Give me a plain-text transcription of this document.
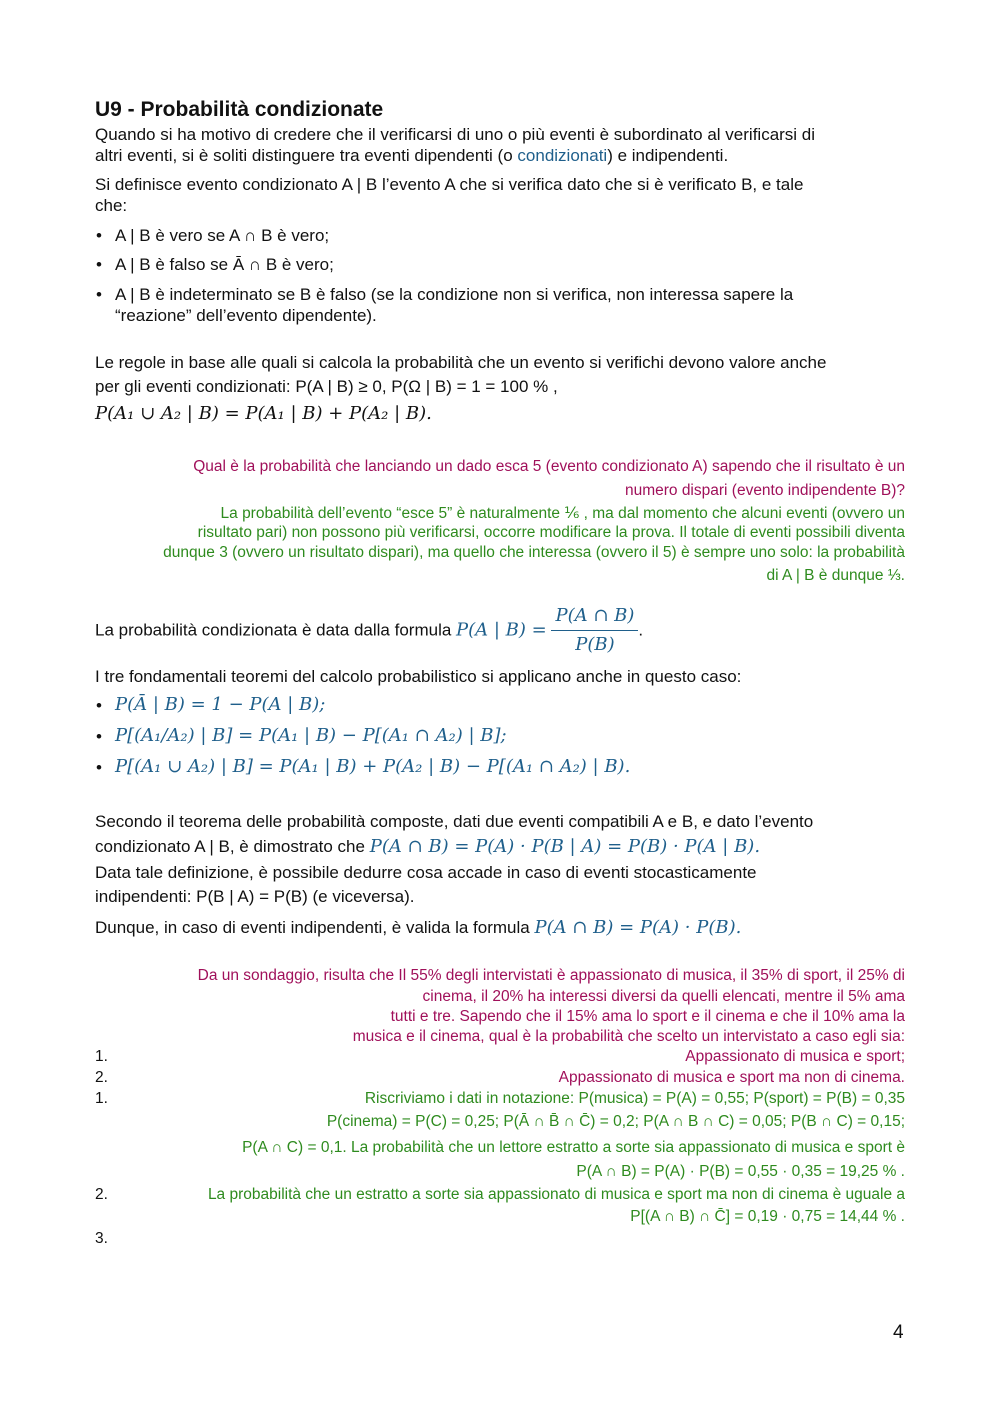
U9 - Probabilità condizionate
Quando si ha motivo di credere che il verificarsi di uno o più eventi è subordinato al verificarsi di
altri eventi, si è soliti distinguere tra eventi dipendenti (o condizionati) e indipendenti.
Si definisce evento condizionato A | B l’evento A che si verifica dato che si è verificato B, e tale
che:
• A | B è vero se A ∩ B è vero;
• A | B è falso se Ā ∩ B è vero;
• A | B è indeterminato se B è falso (se la condizione non si verifica, non interessa sapere la
“reazione” dell’evento dipendente).
Le regole in base alle quali si calcola la probabilità che un evento si verifichi devono valore anche
per gli eventi condizionati: P(A | B) ≥ 0, P(Ω | B) = 1 = 100 % ,
P(A₁ ∪ A₂ | B) = P(A₁ | B) + P(A₂ | B).
Qual è la probabilità che lanciando un dado esca 5 (evento condizionato A) sapendo che il risultato è un
numero dispari (evento indipendente B)?
La probabilità dell’evento “esce 5” è naturalmente ⅙ , ma dal momento che alcuni eventi (ovvero un
risultato pari) non possono più verificarsi, occorre modificare la prova. Il totale di eventi possibili diventa
dunque 3 (ovvero un risultato dispari), ma quello che interessa (ovvero il 5) è sempre uno solo: la probabilità
di A | B è dunque ⅓.
La probabilità condizionata è data dalla formula P(A | $B) = \frac{P(A \cap B)}{P(B)}$ .
I tre fondamentali teoremi del calcolo probabilistico si applicano anche in questo caso:
• P(Ā | B) = 1 − P(A | B);
• P[(A₁/A₂) | B] = P(A₁ | B) − P[(A₁ ∩ A₂) | B];
• P[(A₁ ∪ A₂) | B] = P(A₁ | B) + P(A₂ | B) − P[(A₁ ∩ A₂) | B).
Secondo il teorema delle probabilità composte, dati due eventi compatibili A e B, e dato l’evento
condizionato A | B, è dimostrato che P(A ∩ B) = P(A) · P(B | A) = P(B) · P(A | B).
Data tale definizione, è possibile dedurre cosa accade in caso di eventi stocasticamente
indipendenti: P(B | A) = P(B) (e viceversa).
Dunque, in caso di eventi indipendenti, è valida la formula P(A ∩ B) = P(A) · P(B).
Da un sondaggio, risulta che Il 55% degli intervistati è appassionato di musica, il 35% di sport, il 25% di
cinema, il 20% ha interessi diversi da quelli elencati, mentre il 5% ama
tutti e tre. Sapendo che il 15% ama lo sport e il cinema e che il 10% ama la
musica e il cinema, qual è la probabilità che scelto un intervistato a caso egli sia:
1.	Appassionato di musica e sport;
2.	Appassionato di musica e sport ma non di cinema.
1.	Riscriviamo i dati in notazione: P(musica) = P(A) = 0,55; P(sport) = P(B) = 0,35
P(cinema) = P(C) = 0,25; P(Ā ∩ B̄ ∩ C̄) = 0,2; P(A ∩ B ∩ C) = 0,05; P(B ∩ C) = 0,15;
P(A ∩ C) = 0,1. La probabilità che un lettore estratto a sorte sia appassionato di musica e sport è
P(A ∩ B) = P(A) · P(B) = 0,55 · 0,35 = 19,25 % .
2.	La probabilità che un estratto a sorte sia appassionato di musica e sport ma non di cinema è uguale a
P[(A ∩ B) ∩ C̄] = 0,19 · 0,75 = 14,44 % .
3.
4
